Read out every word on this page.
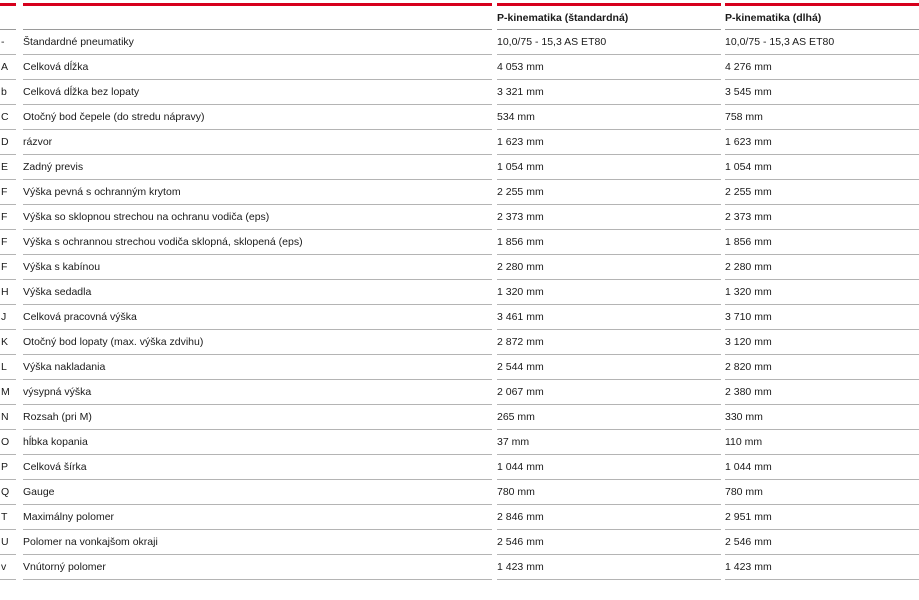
		P-kinematika (štandardná)	P-kinematika (dlhá)

-	Štandardné pneumatiky	10,0/75 - 15,3 AS ET80	10,0/75 - 15,3 AS ET80
A	Celková dĺžka	4 053 mm	4 276 mm
b	Celková dĺžka bez lopaty	3 321 mm	3 545 mm
C	Otočný bod čepele (do stredu nápravy)	534 mm	758 mm
D	rázvor	1 623 mm	1 623 mm
E	Zadný previs	1 054 mm	1 054 mm
F	Výška pevná s ochranným krytom	2 255 mm	2 255 mm
F	Výška so sklopnou strechou na ochranu vodiča (eps)	2 373 mm	2 373 mm
F	Výška s ochrannou strechou vodiča sklopná, sklopená (eps)	1 856 mm	1 856 mm
F	Výška s kabínou	2 280 mm	2 280 mm
H	Výška sedadla	1 320 mm	1 320 mm
J	Celková pracovná výška	3 461 mm	3 710 mm
K	Otočný bod lopaty (max. výška zdvihu)	2 872 mm	3 120 mm
L	Výška nakladania	2 544 mm	2 820 mm
M	výsypná výška	2 067 mm	2 380 mm
N	Rozsah (pri M)	265 mm	330 mm
O	hĺbka kopania	37 mm	110 mm
P	Celková šírka	1 044 mm	1 044 mm
Q	Gauge	780 mm	780 mm
T	Maximálny polomer	2 846 mm	2 951 mm
U	Polomer na vonkajšom okraji	2 546 mm	2 546 mm
v	Vnútorný polomer	1 423 mm	1 423 mm
